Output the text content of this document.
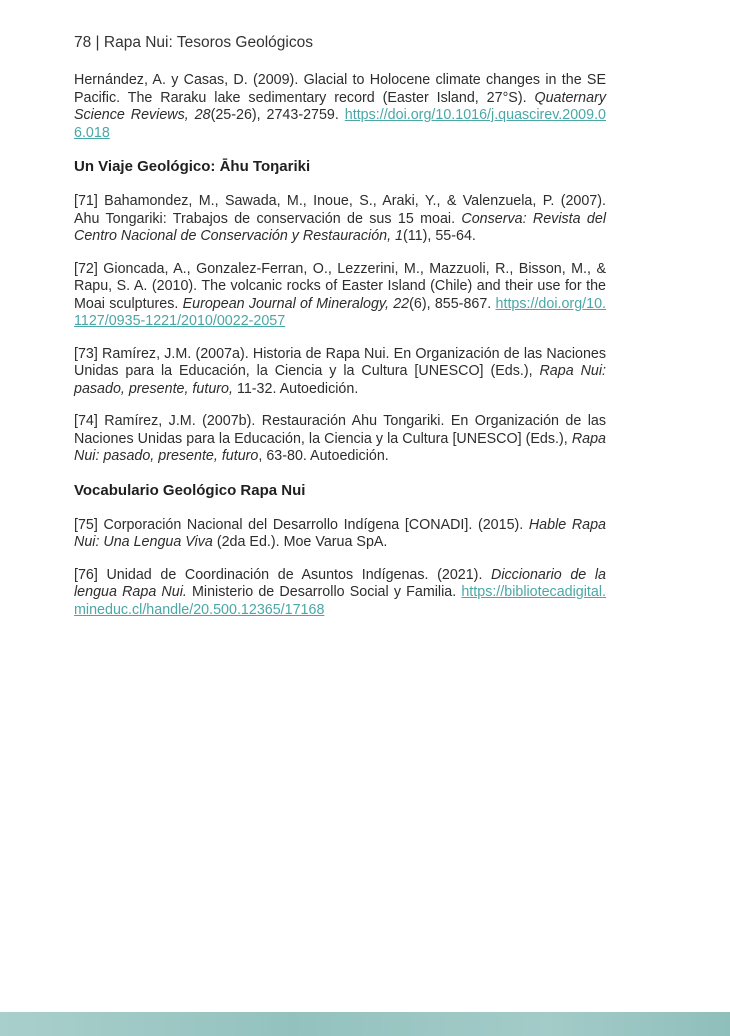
78 | Rapa Nui: Tesoros Geológicos

Hernández, A. y Casas, D. (2009). Glacial to Holocene climate changes in the SE Pacific. The Raraku lake sedimentary record (Easter Island, 27°S). Quaternary Science Reviews, 28(25-26), 2743-2759. https://doi.org/10.1016/j.quascirev.2009.06.018

Un Viaje Geológico: Āhu Toŋariki

[71] Bahamondez, M., Sawada, M., Inoue, S., Araki, Y., & Valenzuela, P. (2007). Ahu Tongariki: Trabajos de conservación de sus 15 moai. Conserva: Revista del Centro Nacional de Conservación y Restauración, 1(11), 55-64.

[72] Gioncada, A., Gonzalez-Ferran, O., Lezzerini, M., Mazzuoli, R., Bisson, M., & Rapu, S. A. (2010). The volcanic rocks of Easter Island (Chile) and their use for the Moai sculptures. European Journal of Mineralogy, 22(6), 855-867. https://doi.org/10.1127/0935-1221/2010/0022-2057

[73] Ramírez, J.M. (2007a). Historia de Rapa Nui. En Organización de las Naciones Unidas para la Educación, la Ciencia y la Cultura [UNESCO] (Eds.), Rapa Nui: pasado, presente, futuro, 11-32. Autoedición.

[74] Ramírez, J.M. (2007b). Restauración Ahu Tongariki. En Organización de las Naciones Unidas para la Educación, la Ciencia y la Cultura [UNESCO] (Eds.), Rapa Nui: pasado, presente, futuro, 63-80. Autoedición.

Vocabulario Geológico Rapa Nui

[75] Corporación Nacional del Desarrollo Indígena [CONADI]. (2015). Hable Rapa Nui: Una Lengua Viva (2da Ed.). Moe Varua SpA.

[76] Unidad de Coordinación de Asuntos Indígenas. (2021). Diccionario de la lengua Rapa Nui. Ministerio de Desarrollo Social y Familia. https://bibliotecadigital.mineduc.cl/handle/20.500.12365/17168
